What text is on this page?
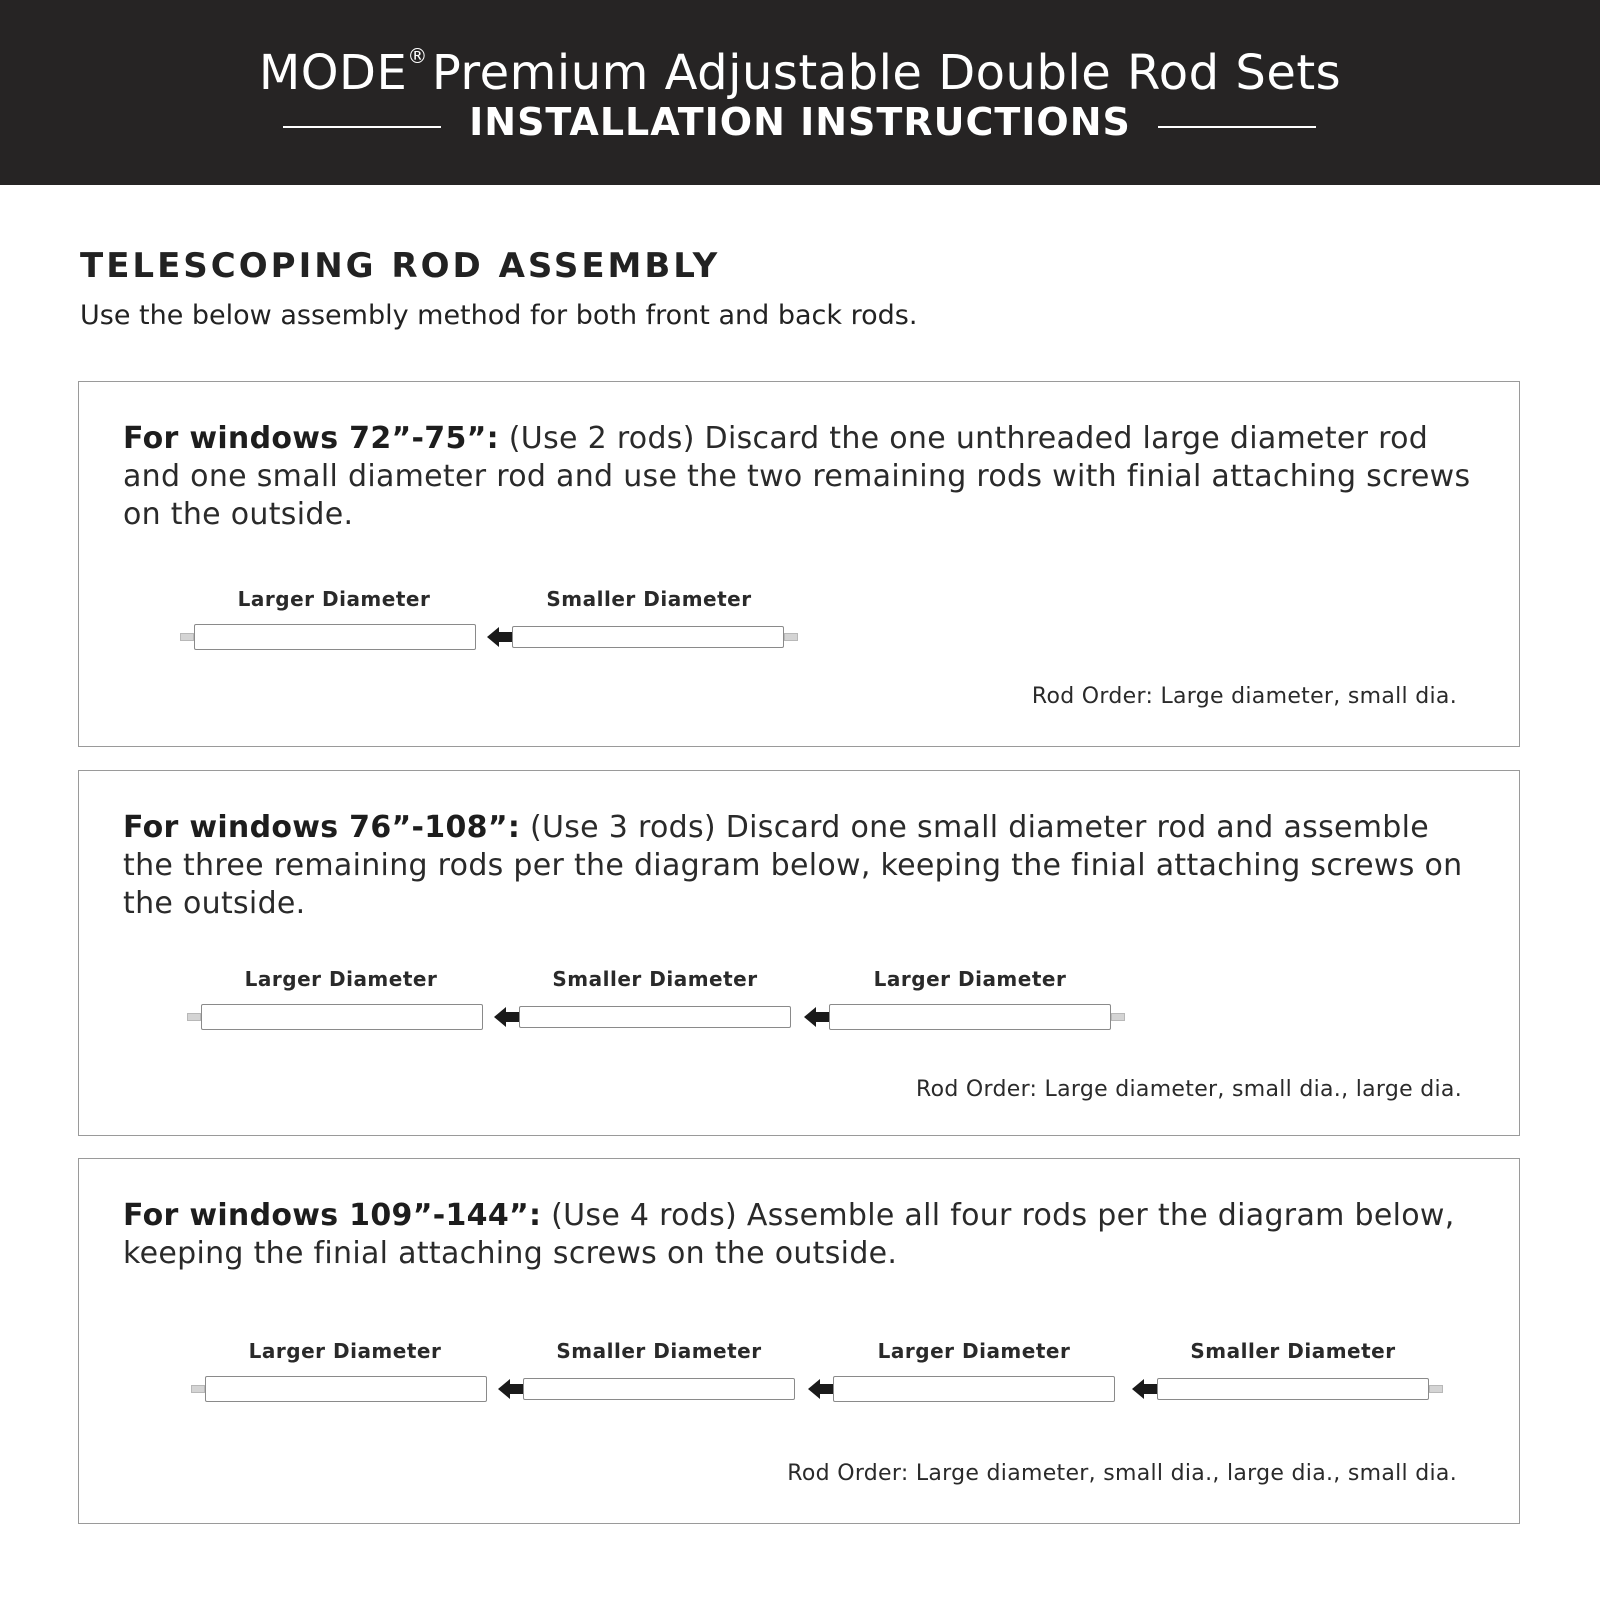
MODE®Premium Adjustable Double Rod Sets
INSTALLATION INSTRUCTIONS
TELESCOPING ROD ASSEMBLY
Use the below assembly method for both front and back rods.
For windows 72”-75”: (Use 2 rods) Discard the one unthreaded large diameter rod and one small diameter rod and use the two remaining rods with finial attaching screws on the outside.
Larger Diameter	Smaller Diameter
Rod Order: Large diameter, small dia.
For windows 76”-108”: (Use 3 rods) Discard one small diameter rod and assemble the three remaining rods per the diagram below, keeping the finial attaching screws on the outside.
Larger Diameter	Smaller Diameter	Larger Diameter
Rod Order: Large diameter, small dia., large dia.
For windows 109”-144”: (Use 4 rods) Assemble all four rods per the diagram below, keeping the finial attaching screws on the outside.
Larger Diameter	Smaller Diameter	Larger Diameter	Smaller Diameter
Rod Order: Large diameter, small dia., large dia., small dia.
